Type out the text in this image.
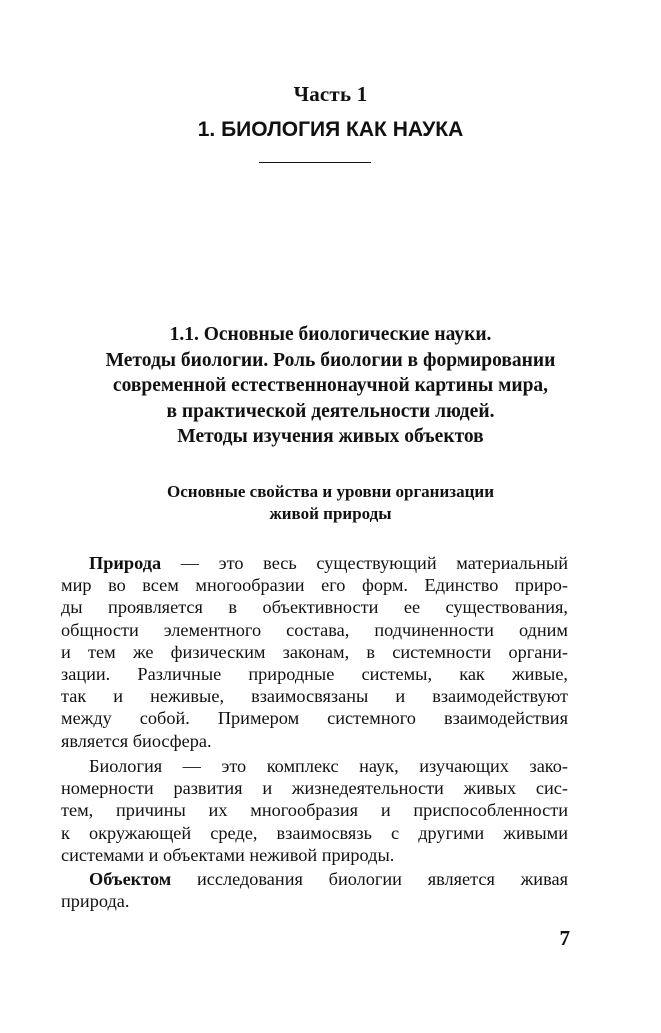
Часть 1
1. БИОЛОГИЯ КАК НАУКА
1.1. Основные биологические науки.
Методы биологии. Роль биологии в формировании
современной естественнонаучной картины мира,
в практической деятельности людей.
Методы изучения живых объектов
Основные свойства и уровни организации
живой природы
Природа — это весь существующий материальный
мир во всем многообразии его форм. Единство приро-
ды проявляется в объективности ее существования,
общности элементного состава, подчиненности одним
и тем же физическим законам, в системности органи-
зации. Различные природные системы, как живые,
так и неживые, взаимосвязаны и взаимодействуют
между собой. Примером системного взаимодействия
является биосфера.
Биология — это комплекс наук, изучающих зако-
номерности развития и жизнедеятельности живых сис-
тем, причины их многообразия и приспособленности
к окружающей среде, взаимосвязь с другими живыми
системами и объектами неживой природы.
Объектом исследования биологии является живая
природа.
7
